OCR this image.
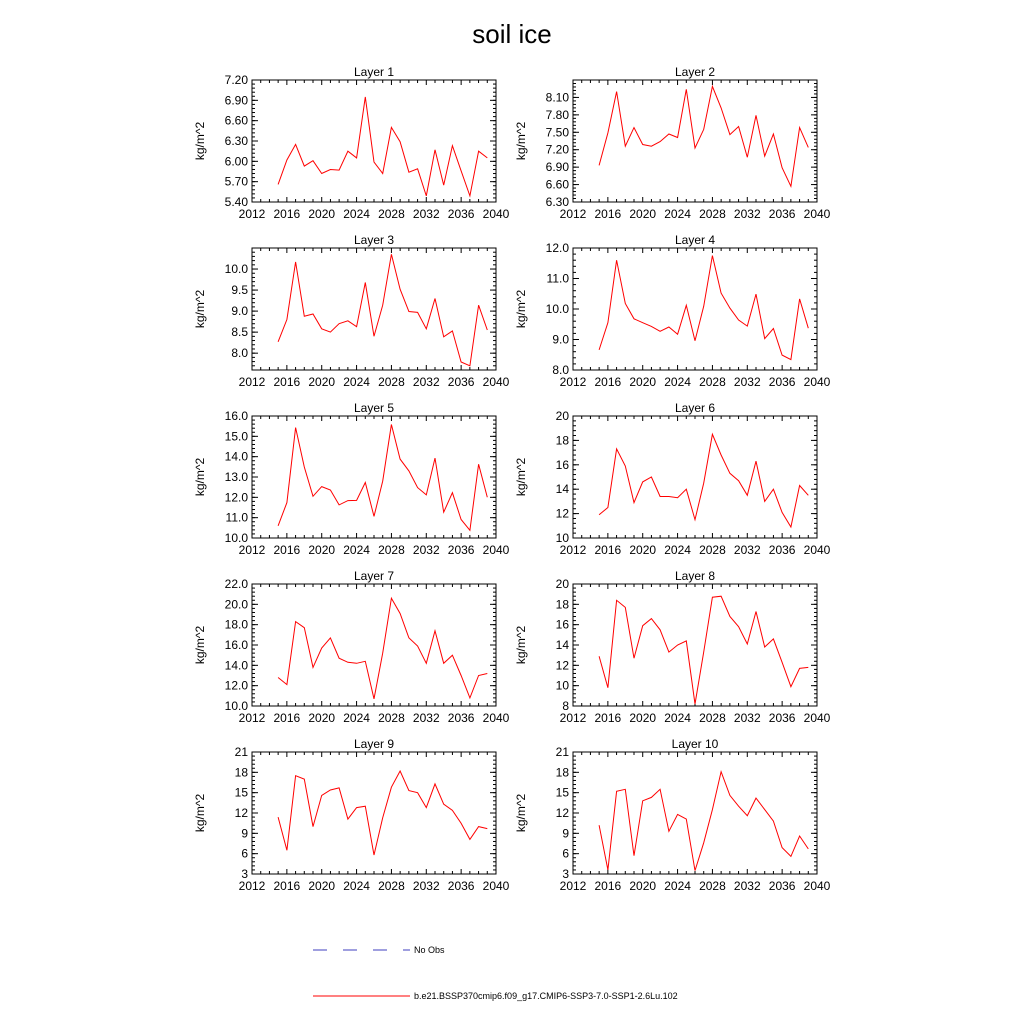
soil ice
Layer 1
kg/m^2
2012 2016 2020 2024 2028 2032 2036 2040
5.40
5.70
6.00
6.30
6.60
6.90
7.20
Layer 2
kg/m^2
2012 2016 2020 2024 2028 2032 2036 2040
6.30
6.60
6.90
7.20
7.50
7.80
8.10
Layer 3
kg/m^2
2012 2016 2020 2024 2028 2032 2036 2040
8.0
8.5
9.0
9.5
10.0
Layer 4
kg/m^2
2012 2016 2020 2024 2028 2032 2036 2040
8.0
9.0
10.0
11.0
12.0
Layer 5
kg/m^2
2012 2016 2020 2024 2028 2032 2036 2040
10.0
11.0
12.0
13.0
14.0
15.0
16.0
Layer 6
kg/m^2
2012 2016 2020 2024 2028 2032 2036 2040
10
12
14
16
18
20
Layer 7
kg/m^2
2012 2016 2020 2024 2028 2032 2036 2040
10.0
12.0
14.0
16.0
18.0
20.0
22.0
Layer 8
kg/m^2
2012 2016 2020 2024 2028 2032 2036 2040
8
10
12
14
16
18
20
Layer 9
kg/m^2
2012 2016 2020 2024 2028 2032 2036 2040
3
6
9
12
15
18
21
Layer 10
kg/m^2
2012 2016 2020 2024 2028 2032 2036 2040
3
6
9
12
15
18
21
No Obs
b.e21.BSSP370cmip6.f09_g17.CMIP6-SSP3-7.0-SSP1-2.6Lu.102
